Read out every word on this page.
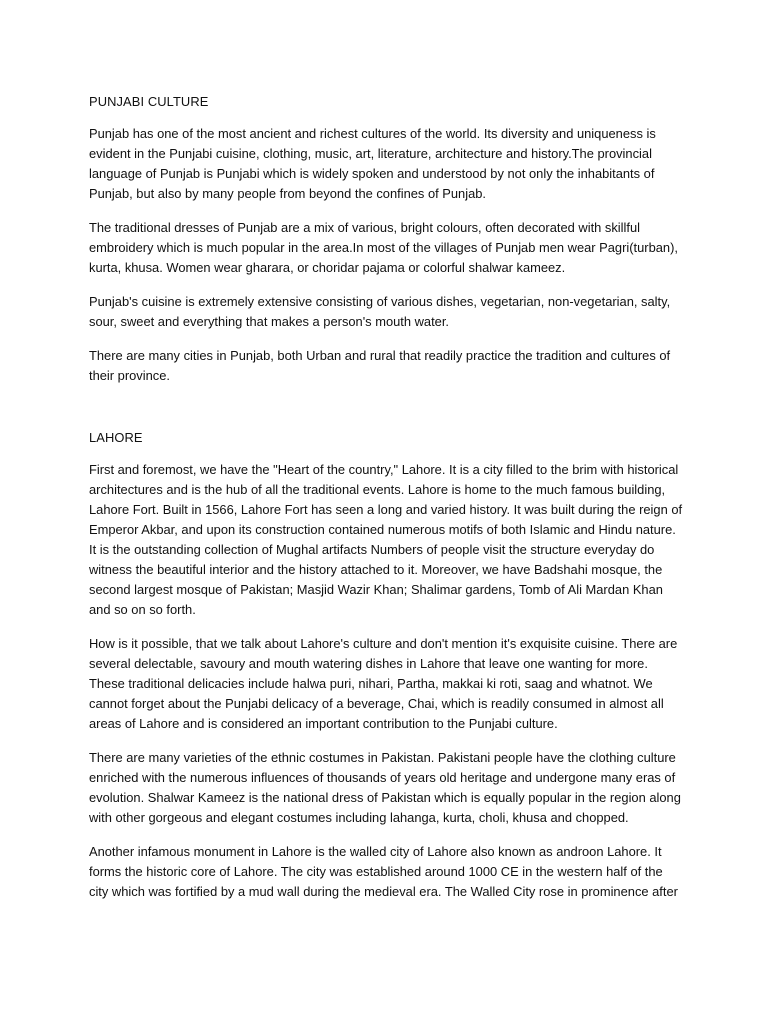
PUNJABI CULTURE

Punjab has one of the most ancient and richest cultures of the world. Its diversity and uniqueness is evident in the Punjabi cuisine, clothing, music, art, literature, architecture and history.The provincial language of Punjab is Punjabi which is widely spoken and understood by not only the inhabitants of Punjab, but also by many people from beyond the confines of Punjab.

The traditional dresses of Punjab are a mix of various, bright colours, often decorated with skillful embroidery which is much popular in the area.In most of the villages of Punjab men wear Pagri(turban), kurta, khusa. Women wear gharara, or choridar pajama or colorful shalwar kameez.

Punjab's cuisine is extremely extensive consisting of various dishes, vegetarian, non-vegetarian, salty, sour, sweet and everything that makes a person's mouth water.

There are many cities in Punjab, both Urban and rural that readily practice the tradition and cultures of their province.

LAHORE

First and foremost, we have the "Heart of the country," Lahore. It is a city filled to the brim with historical architectures and is the hub of all the traditional events. Lahore is home to the much famous building, Lahore Fort. Built in 1566, Lahore Fort has seen a long and varied history. It was built during the reign of Emperor Akbar, and upon its construction contained numerous motifs of both Islamic and Hindu nature. It is the outstanding collection of Mughal artifacts Numbers of people visit the structure everyday do witness the beautiful interior and the history attached to it. Moreover, we have Badshahi mosque, the second largest mosque of Pakistan; Masjid Wazir Khan; Shalimar gardens, Tomb of Ali Mardan Khan and so on so forth.

How is it possible, that we talk about Lahore's culture and don't mention it's exquisite cuisine. There are several delectable, savoury and mouth watering dishes in Lahore that leave one wanting for more. These traditional delicacies include halwa puri, nihari, Partha, makkai ki roti, saag and whatnot. We cannot forget about the Punjabi delicacy of a beverage, Chai, which is readily consumed in almost all areas of Lahore and is considered an important contribution to the Punjabi culture.

There are many varieties of the ethnic costumes in Pakistan. Pakistani people have the clothing culture enriched with the numerous influences of thousands of years old heritage and undergone many eras of evolution. Shalwar Kameez is the national dress of Pakistan which is equally popular in the region along with other gorgeous and elegant costumes including lahanga, kurta, choli, khusa and chopped.

Another infamous monument in Lahore is the walled city of Lahore also known as androon Lahore. It forms the historic core of Lahore. The city was established around 1000 CE in the western half of the city which was fortified by a mud wall during the medieval era. The Walled City rose in prominence after
